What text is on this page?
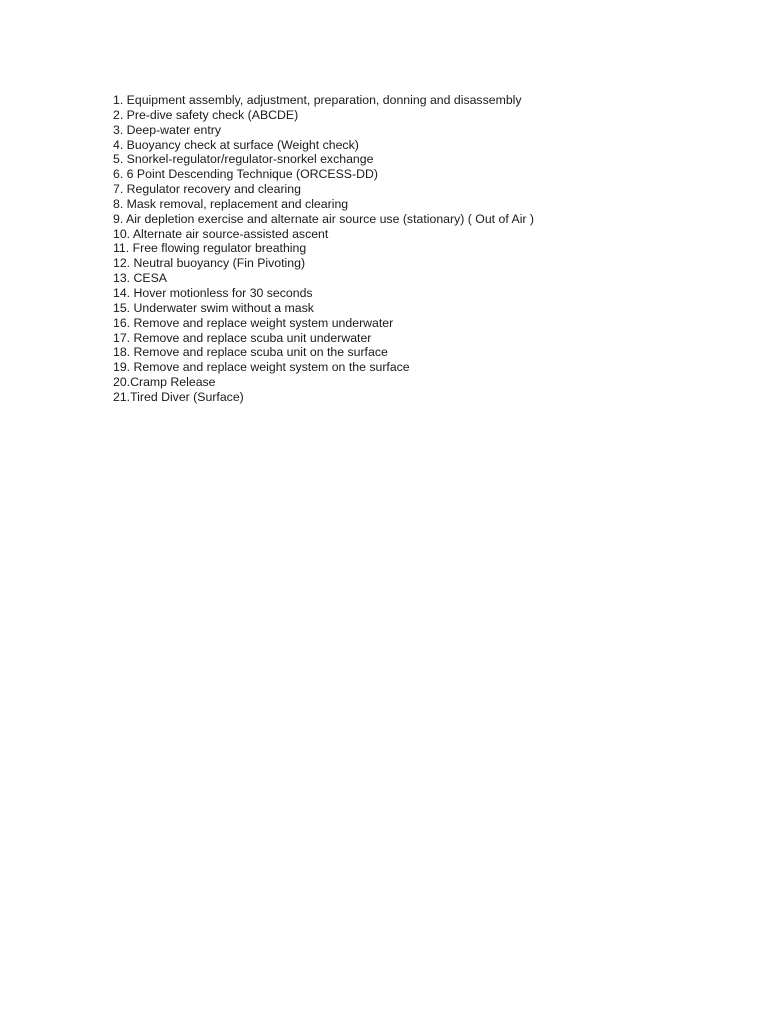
1. Equipment assembly, adjustment, preparation, donning and disassembly
2. Pre-dive safety check (ABCDE)
3. Deep-water entry
4. Buoyancy check at surface (Weight check)
5. Snorkel-regulator/regulator-snorkel exchange
6. 6 Point Descending Technique (ORCESS-DD)
7. Regulator recovery and clearing
8. Mask removal, replacement and clearing
9. Air depletion exercise and alternate air source use (stationary) ( Out of Air )
10. Alternate air source-assisted ascent
11. Free flowing regulator breathing
12. Neutral buoyancy (Fin Pivoting)
13. CESA
14. Hover motionless for 30 seconds
15. Underwater swim without a mask
16. Remove and replace weight system underwater
17. Remove and replace scuba unit underwater
18. Remove and replace scuba unit on the surface
19. Remove and replace weight system on the surface
20.Cramp Release
21.Tired Diver (Surface)
